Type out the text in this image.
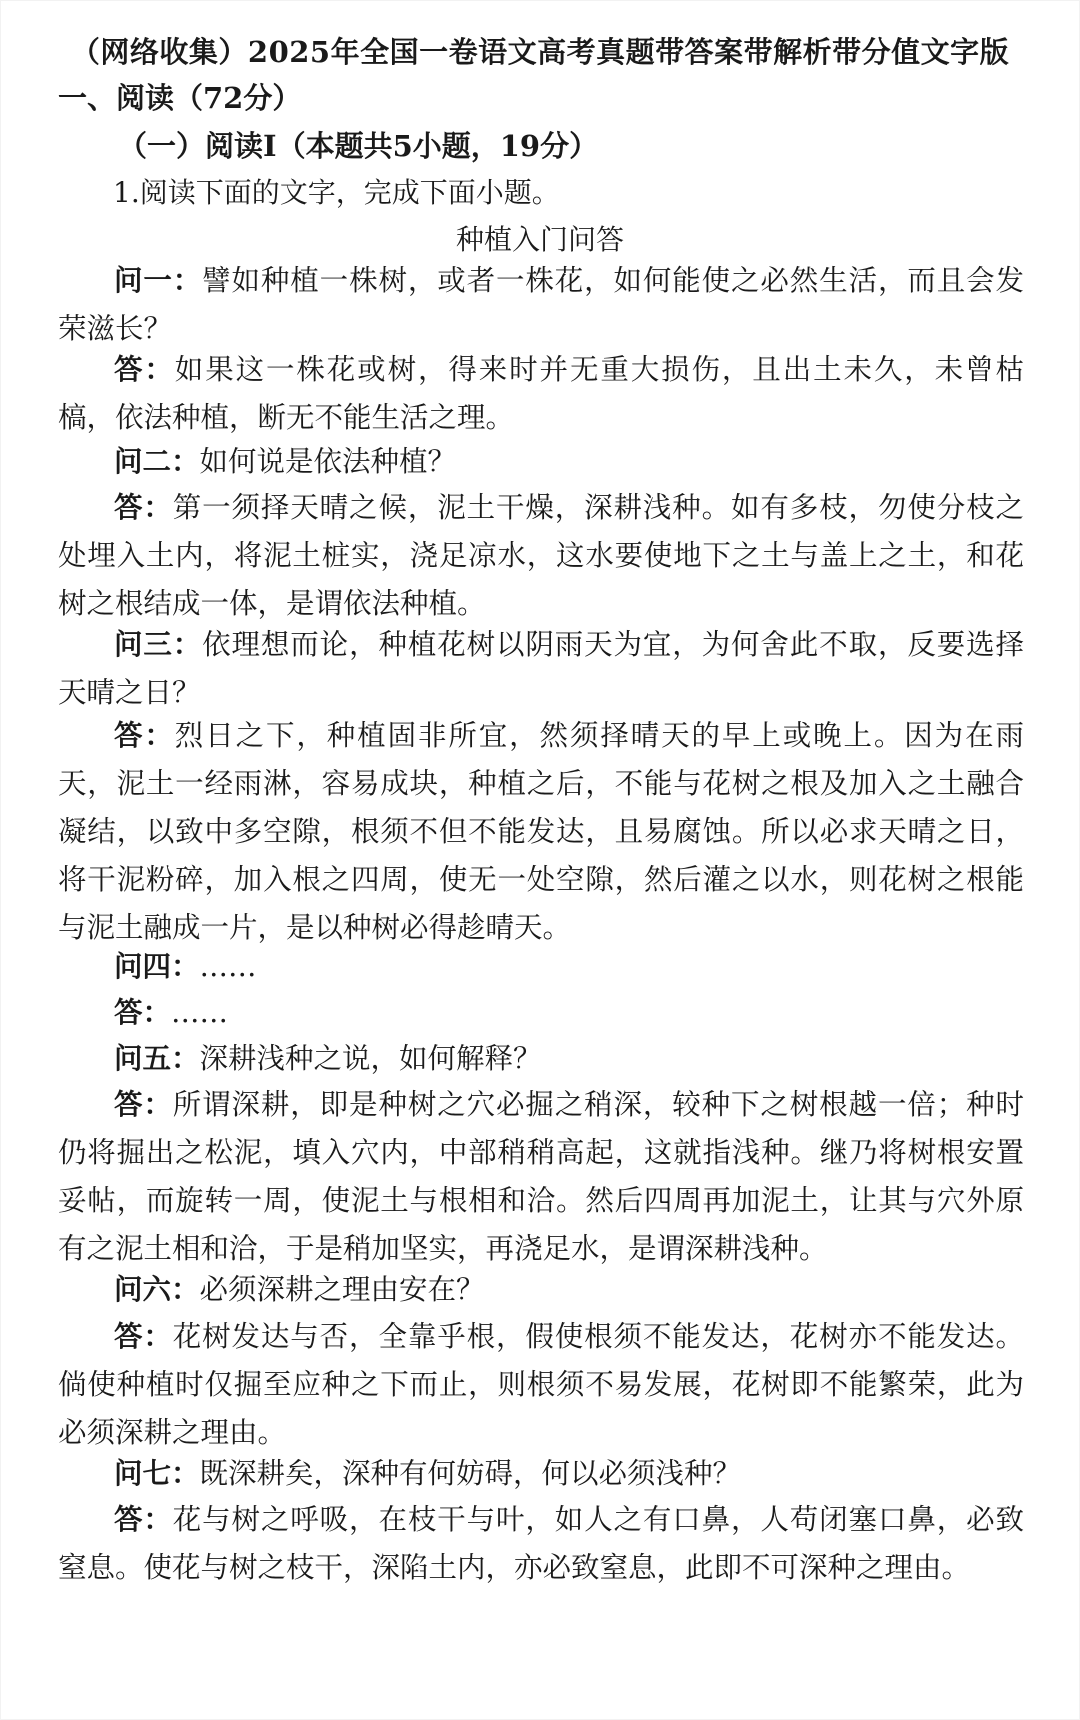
（网络收集）2025年全国一卷语文高考真题带答案带解析带分值文字版
一、阅读（72分）
（一）阅读Ⅰ（本题共5小题，19分）
1.阅读下面的文字，完成下面小题。
种植入门问答

问一：譬如种植一株树，或者一株花，如何能使之必然生活，而且会发荣滋长？

答：如果这一株花或树，得来时并无重大损伤，且出土未久，未曾枯槁，依法种植，断无不能生活之理。

问二：如何说是依法种植？

答：第一须择天晴之候，泥土干燥，深耕浅种。如有多枝，勿使分枝之处埋入土内，将泥土桩实，浇足凉水，这水要使地下之土与盖上之土，和花树之根结成一体，是谓依法种植。

问三：依理想而论，种植花树以阴雨天为宜，为何舍此不取，反要选择天晴之日？

答：烈日之下，种植固非所宜，然须择晴天的早上或晚上。因为在雨天，泥土一经雨淋，容易成块，种植之后，不能与花树之根及加入之土融合凝结，以致中多空隙，根须不但不能发达，且易腐蚀。所以必求天晴之日，将干泥粉碎，加入根之四周，使无一处空隙，然后灌之以水，则花树之根能与泥土融成一片，是以种树必得趁晴天。

问四：……

答：……

问五：深耕浅种之说，如何解释？

答：所谓深耕，即是种树之穴必掘之稍深，较种下之树根越一倍；种时仍将掘出之松泥，填入穴内，中部稍稍高起，这就指浅种。继乃将树根安置妥帖，而旋转一周，使泥土与根相和洽。然后四周再加泥土，让其与穴外原有之泥土相和洽，于是稍加坚实，再浇足水，是谓深耕浅种。

问六：必须深耕之理由安在？

答：花树发达与否，全靠乎根，假使根须不能发达，花树亦不能发达。倘使种植时仅掘至应种之下而止，则根须不易发展，花树即不能繁荣，此为必须深耕之理由。

问七：既深耕矣，深种有何妨碍，何以必须浅种？

答：花与树之呼吸，在枝干与叶，如人之有口鼻，人苟闭塞口鼻，必致窒息。使花与树之枝干，深陷土内，亦必致窒息，此即不可深种之理由。
